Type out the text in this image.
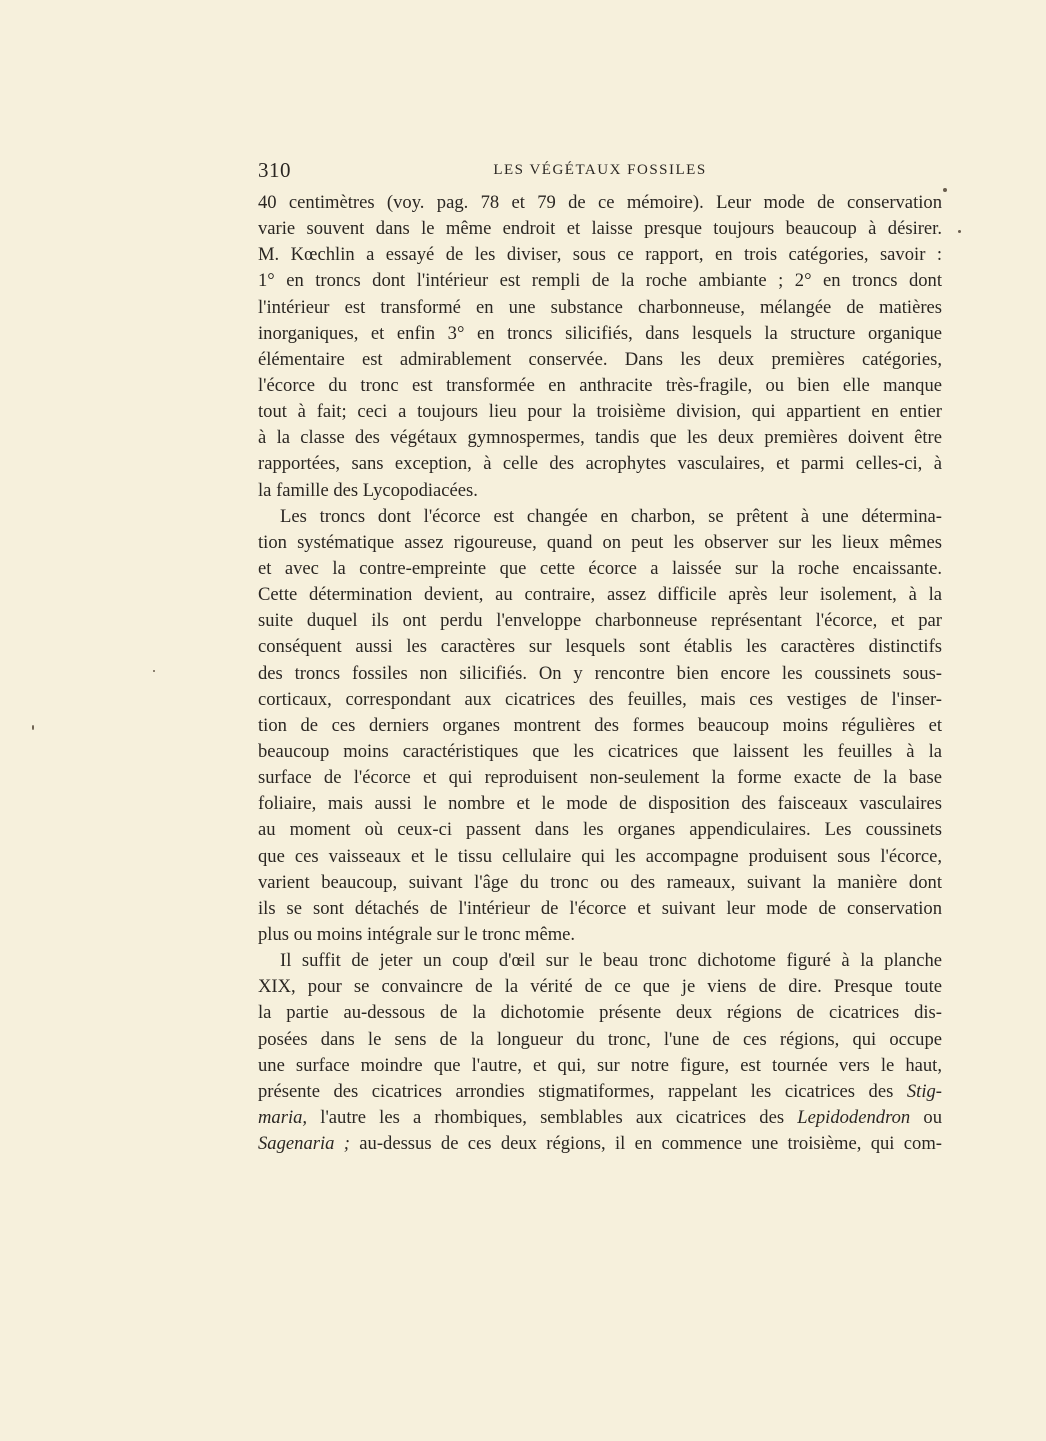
310	LES VÉGÉTAUX FOSSILES
40 centimètres (voy. pag. 78 et 79 de ce mémoire). Leur mode de conservation
varie souvent dans le même endroit et laisse presque toujours beaucoup à désirer.
M. Kœchlin a essayé de les diviser, sous ce rapport, en trois catégories, savoir :
1° en troncs dont l'intérieur est rempli de la roche ambiante ; 2° en troncs dont
l'intérieur est transformé en une substance charbonneuse, mélangée de matières
inorganiques, et enfin 3° en troncs silicifiés, dans lesquels la structure organique
élémentaire est admirablement conservée. Dans les deux premières catégories,
l'écorce du tronc est transformée en anthracite très-fragile, ou bien elle manque
tout à fait; ceci a toujours lieu pour la troisième division, qui appartient en entier
à la classe des végétaux gymnospermes, tandis que les deux premières doivent être
rapportées, sans exception, à celle des acrophytes vasculaires, et parmi celles-ci, à
la famille des Lycopodiacées.
Les troncs dont l'écorce est changée en charbon, se prêtent à une détermina-
tion systématique assez rigoureuse, quand on peut les observer sur les lieux mêmes
et avec la contre-empreinte que cette écorce a laissée sur la roche encaissante.
Cette détermination devient, au contraire, assez difficile après leur isolement, à la
suite duquel ils ont perdu l'enveloppe charbonneuse représentant l'écorce, et par
conséquent aussi les caractères sur lesquels sont établis les caractères distinctifs
des troncs fossiles non silicifiés. On y rencontre bien encore les coussinets sous-
corticaux, correspondant aux cicatrices des feuilles, mais ces vestiges de l'inser-
tion de ces derniers organes montrent des formes beaucoup moins régulières et
beaucoup moins caractéristiques que les cicatrices que laissent les feuilles à la
surface de l'écorce et qui reproduisent non-seulement la forme exacte de la base
foliaire, mais aussi le nombre et le mode de disposition des faisceaux vasculaires
au moment où ceux-ci passent dans les organes appendiculaires. Les coussinets
que ces vaisseaux et le tissu cellulaire qui les accompagne produisent sous l'écorce,
varient beaucoup, suivant l'âge du tronc ou des rameaux, suivant la manière dont
ils se sont détachés de l'intérieur de l'écorce et suivant leur mode de conservation
plus ou moins intégrale sur le tronc même.
Il suffit de jeter un coup d'œil sur le beau tronc dichotome figuré à la planche
XIX, pour se convaincre de la vérité de ce que je viens de dire. Presque toute
la partie au-dessous de la dichotomie présente deux régions de cicatrices dis-
posées dans le sens de la longueur du tronc, l'une de ces régions, qui occupe
une surface moindre que l'autre, et qui, sur notre figure, est tournée vers le haut,
présente des cicatrices arrondies stigmatiformes, rappelant les cicatrices des Stig-
maria, l'autre les a rhombiques, semblables aux cicatrices des Lepidodendron ou
Sagenaria ; au-dessus de ces deux régions, il en commence une troisième, qui com-
